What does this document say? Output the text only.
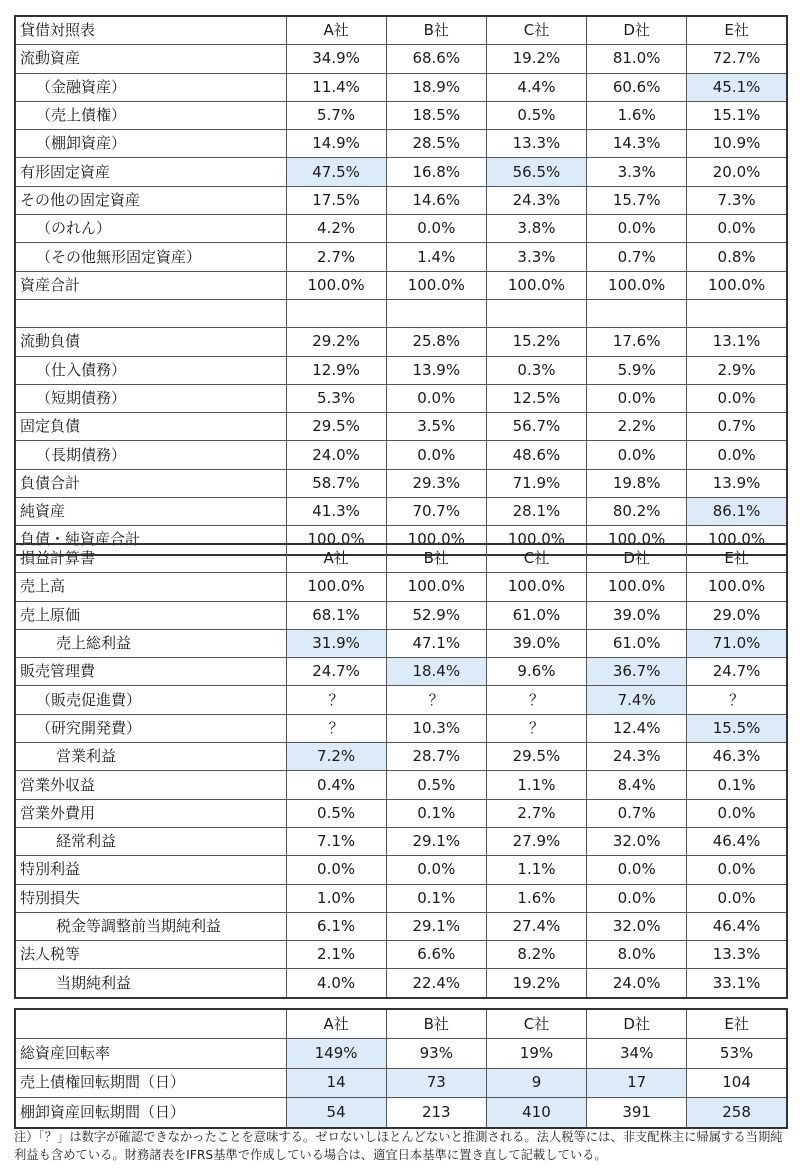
貸借対照表	A社	B社	C社	D社	E社
流動資産	34.9%	68.6%	19.2%	81.0%	72.7%
（金融資産）	11.4%	18.9%	4.4%	60.6%	45.1%
（売上債権）	5.7%	18.5%	0.5%	1.6%	15.1%
（棚卸資産）	14.9%	28.5%	13.3%	14.3%	10.9%
有形固定資産	47.5%	16.8%	56.5%	3.3%	20.0%
その他の固定資産	17.5%	14.6%	24.3%	15.7%	7.3%
（のれん）	4.2%	0.0%	3.8%	0.0%	0.0%
（その他無形固定資産）	2.7%	1.4%	3.3%	0.7%	0.8%
資産合計	100.0%	100.0%	100.0%	100.0%	100.0%

流動負債	29.2%	25.8%	15.2%	17.6%	13.1%
（仕入債務）	12.9%	13.9%	0.3%	5.9%	2.9%
（短期債務）	5.3%	0.0%	12.5%	0.0%	0.0%
固定負債	29.5%	3.5%	56.7%	2.2%	0.7%
（長期債務）	24.0%	0.0%	48.6%	0.0%	0.0%
負債合計	58.7%	29.3%	71.9%	19.8%	13.9%
純資産	41.3%	70.7%	28.1%	80.2%	86.1%
負債・純資産合計	100.0%	100.0%	100.0%	100.0%	100.0%
損益計算書	A社	B社	C社	D社	E社
売上高	100.0%	100.0%	100.0%	100.0%	100.0%
売上原価	68.1%	52.9%	61.0%	39.0%	29.0%
売上総利益	31.9%	47.1%	39.0%	61.0%	71.0%
販売管理費	24.7%	18.4%	9.6%	36.7%	24.7%
（販売促進費）	？	？	？	7.4%	？
（研究開発費）	？	10.3%	？	12.4%	15.5%
営業利益	7.2%	28.7%	29.5%	24.3%	46.3%
営業外収益	0.4%	0.5%	1.1%	8.4%	0.1%
営業外費用	0.5%	0.1%	2.7%	0.7%	0.0%
経常利益	7.1%	29.1%	27.9%	32.0%	46.4%
特別利益	0.0%	0.0%	1.1%	0.0%	0.0%
特別損失	1.0%	0.1%	1.6%	0.0%	0.0%
税金等調整前当期純利益	6.1%	29.1%	27.4%	32.0%	46.4%
法人税等	2.1%	6.6%	8.2%	8.0%	13.3%
当期純利益	4.0%	22.4%	19.2%	24.0%	33.1%
	A社	B社	C社	D社	E社
総資産回転率	149%	93%	19%	34%	53%
売上債権回転期間（日）	14	73	9	17	104
棚卸資産回転期間（日）	54	213	410	391	258
注）「？」は数字が確認できなかったことを意味する。ゼロないしほとんどないと推測される。法人税等には、非支配株主に帰属する当期純利益も含めている。財務諸表をIFRS基準で作成している場合は、適宜日本基準に置き直して記載している。
